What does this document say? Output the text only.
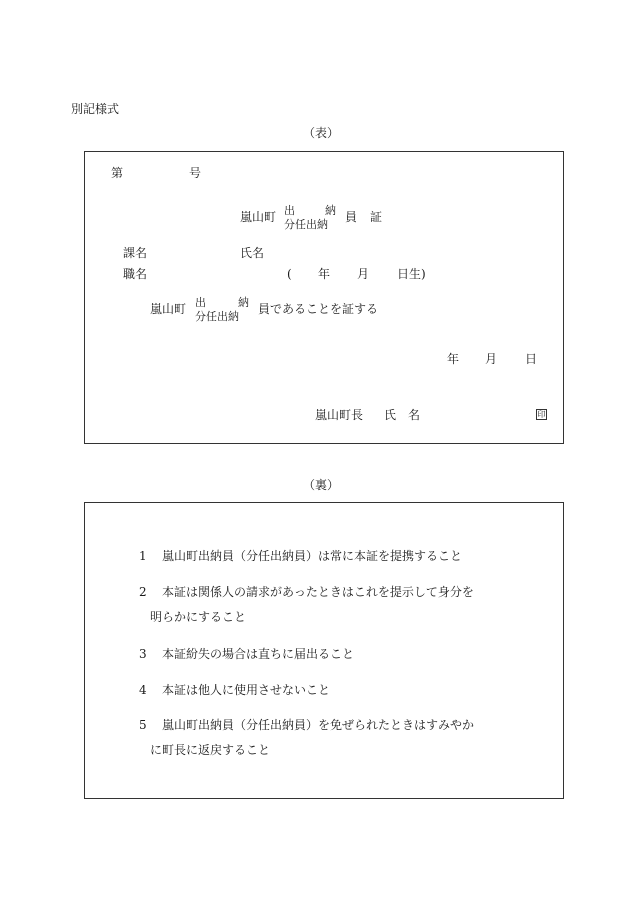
別記様式
（表）
第	号
嵐山町 出	納
分任出納
員 証
課名	氏名
職名	( 年 月 日生)
嵐山町 出	納
分任出納
員であることを証する
年 月 日
嵐山町長 氏 名	印
（裏）
1 嵐山町出納員（分任出納員）は常に本証を提携すること
2 本証は関係人の請求があったときはこれを提示して身分を
明らかにすること
3 本証紛失の場合は直ちに届出ること
4 本証は他人に使用させないこと
5 嵐山町出納員（分任出納員）を免ぜられたときはすみやか
に町長に返戻すること
